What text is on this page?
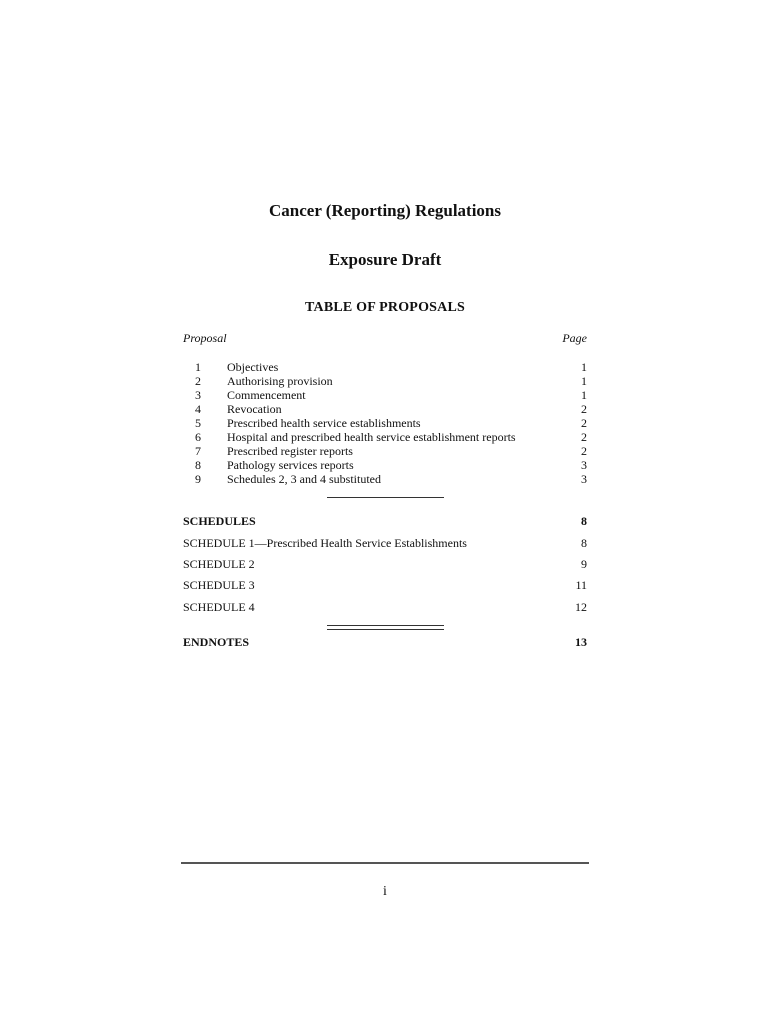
Cancer (Reporting) Regulations
Exposure Draft
TABLE OF PROPOSALS
Proposal	Page
1 Objectives	1
2 Authorising provision	1
3 Commencement	1
4 Revocation	2
5 Prescribed health service establishments	2
6 Hospital and prescribed health service establishment reports	2
7 Prescribed register reports	2
8 Pathology services reports	3
9 Schedules 2, 3 and 4 substituted	3
SCHEDULES	8
SCHEDULE 1—Prescribed Health Service Establishments	8
SCHEDULE 2	9
SCHEDULE 3	11
SCHEDULE 4	12
ENDNOTES	13
i
